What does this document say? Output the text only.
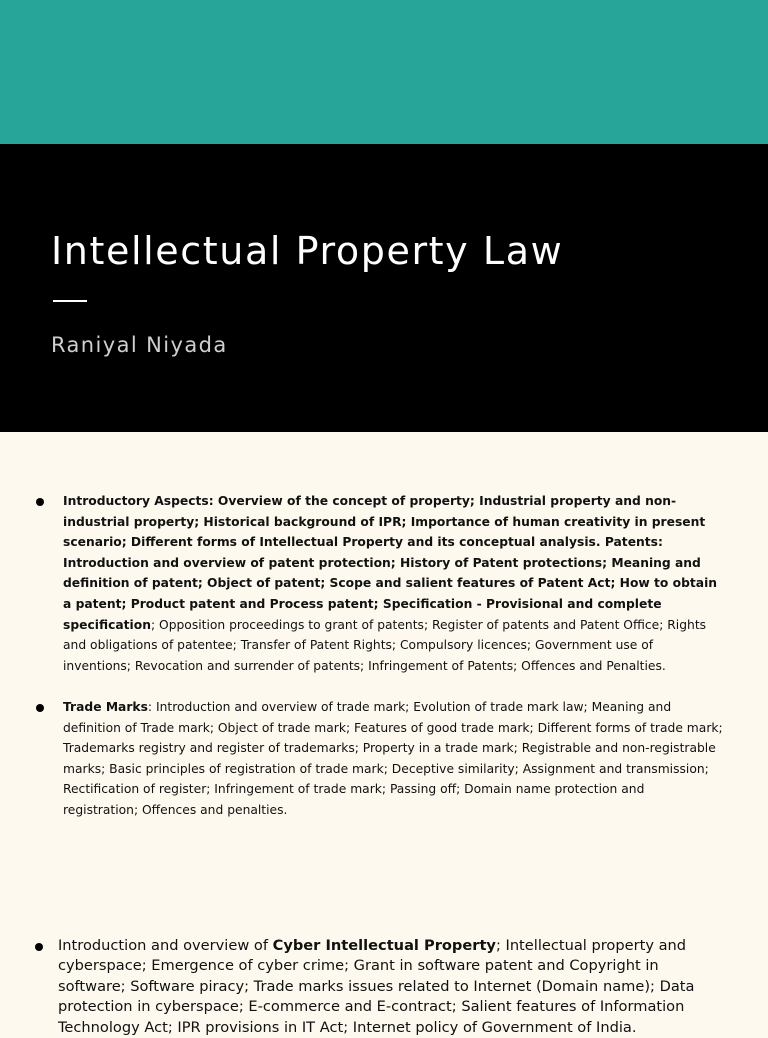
Intellectual Property Law

Raniyal Niyada

Introductory Aspects: Overview of the concept of property; Industrial property and non- industrial property; Historical background of IPR; Importance of human creativity in present scenario; Different forms of Intellectual Property and its conceptual analysis. Patents: Introduction and overview of patent protection; History of Patent protections; Meaning and definition of patent; Object of patent; Scope and salient features of Patent Act; How to obtain a patent; Product patent and Process patent; Specification - Provisional and complete specification; Opposition proceedings to grant of patents; Register of patents and Patent Office; Rights and obligations of patentee; Transfer of Patent Rights; Compulsory licences; Government use of inventions; Revocation and surrender of patents; Infringement of Patents; Offences and Penalties.

Trade Marks: Introduction and overview of trade mark; Evolution of trade mark law; Meaning and definition of Trade mark; Object of trade mark; Features of good trade mark; Different forms of trade mark; Trademarks registry and register of trademarks; Property in a trade mark; Registrable and non-registrable marks; Basic principles of registration of trade mark; Deceptive similarity; Assignment and transmission; Rectification of register; Infringement of trade mark; Passing off; Domain name protection and registration; Offences and penalties.

Introduction and overview of Cyber Intellectual Property; Intellectual property and cyberspace; Emergence of cyber crime; Grant in software patent and Copyright in software; Software piracy; Trade marks issues related to Internet (Domain name); Data protection in cyberspace; E-commerce and E-contract; Salient features of Information Technology Act; IPR provisions in IT Act; Internet policy of Government of India.
